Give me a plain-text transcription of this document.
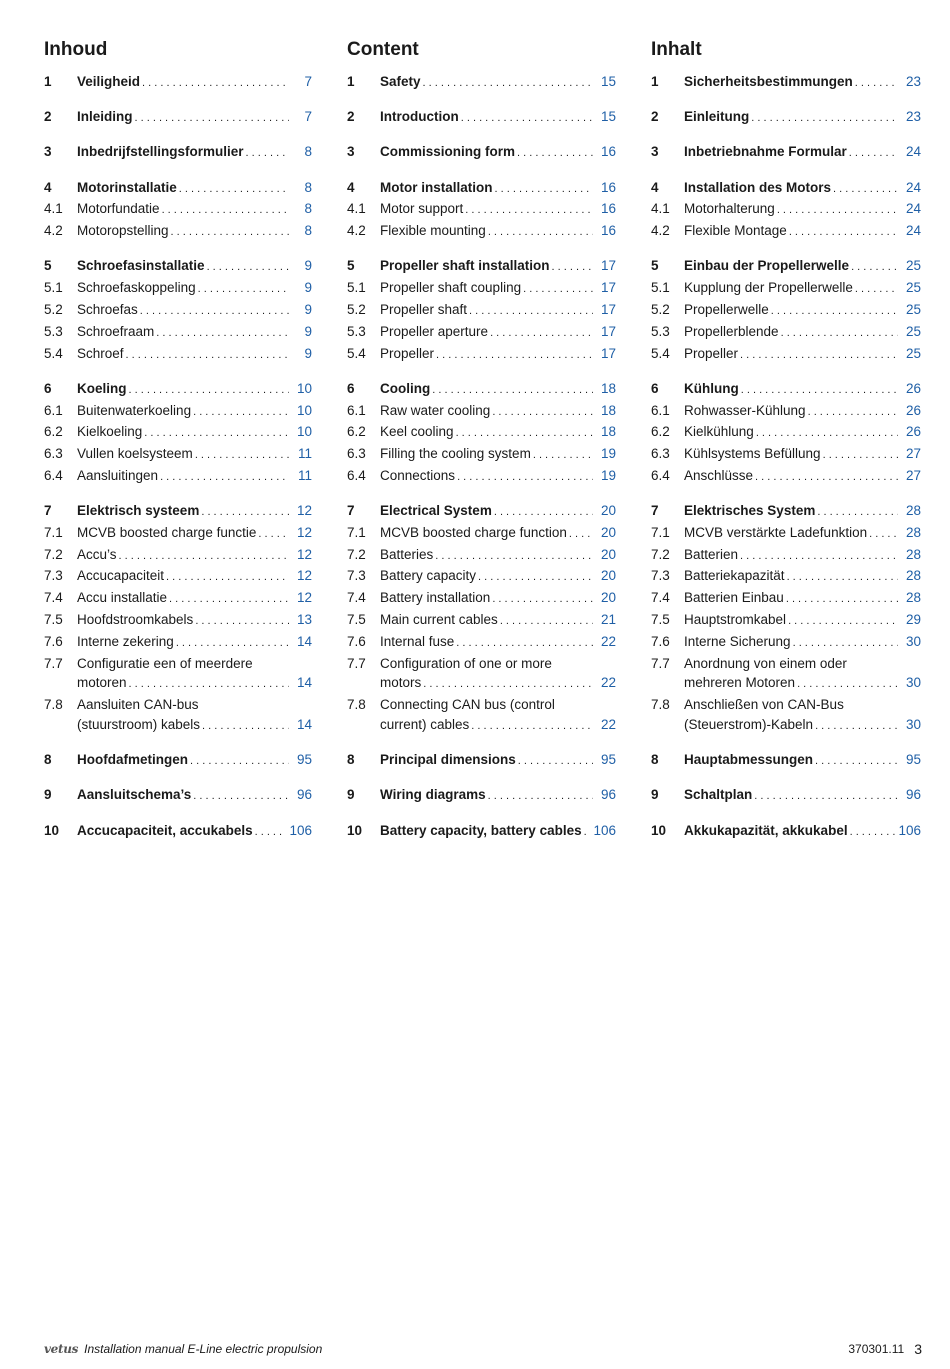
Inhoud
1	Veiligheid . . .	7
2	Inleiding . . .	7
3	Inbedrijfstellingsformulier . . .	8
4	Motorinstallatie . . .	8
4.1	Motorfundatie . . .	8
4.2	Motoropstelling . . .	8
5	Schroefasinstallatie . . .	9
5.1	Schroefaskoppeling . . .	9
5.2	Schroefas . . .	9
5.3	Schroefraam . . .	9
5.4	Schroef . . .	9
6	Koeling . . .	10
6.1	Buitenwaterkoeling . . .	10
6.2	Kielkoeling . . .	10
6.3	Vullen koelsysteem . . .	11
6.4	Aansluitingen . . .	11
7	Elektrisch systeem . . .	12
7.1	MCVB boosted charge functie . . .	12
7.2	Accu’s . . .	12
7.3	Accucapaciteit . . .	12
7.4	Accu installatie . . .	12
7.5	Hoofdstroomkabels . . .	13
7.6	Interne zekering . . .	14
7.7	Configuratie een of meerdere
motoren . . .	14
7.8	Aansluiten CAN-bus
(stuurstroom) kabels . . .	14
8	Hoofdafmetingen . . .	95
9	Aansluitschema’s . . .	96
10	Accucapaciteit, accukabels . . .	106
Content
1	Safety . . .	15
2	Introduction . . .	15
3	Commissioning form . . .	16
4	Motor installation . . .	16
4.1	Motor support . . .	16
4.2	Flexible mounting . . .	16
5	Propeller shaft installation . . .	17
5.1	Propeller shaft coupling . . .	17
5.2	Propeller shaft . . .	17
5.3	Propeller aperture . . .	17
5.4	Propeller . . .	17
6	Cooling . . .	18
6.1	Raw water cooling . . .	18
6.2	Keel cooling . . .	18
6.3	Filling the cooling system . . .	19
6.4	Connections . . .	19
7	Electrical System . . .	20
7.1	MCVB boosted charge function . . .	20
7.2	Batteries . . .	20
7.3	Battery capacity . . .	20
7.4	Battery installation . . .	20
7.5	Main current cables . . .	21
7.6	Internal fuse . . .	22
7.7	Configuration of one or more
motors . . .	22
7.8	Connecting CAN bus (control
current) cables . . .	22
8	Principal dimensions . . .	95
9	Wiring diagrams . . .	96
10	Battery capacity, battery cables . . . 106
Inhalt
1	Sicherheitsbestimmungen . . .	23
2	Einleitung . . .	23
3	Inbetriebnahme Formular . . .	24
4	Installation des Motors . . .	24
4.1	Motorhalterung . . .	24
4.2	Flexible Montage . . .	24
5	Einbau der Propellerwelle . . .	25
5.1	Kupplung der Propellerwelle . . .	25
5.2	Propellerwelle . . .	25
5.3	Propellerblende . . .	25
5.4	Propeller . . .	25
6	Kühlung . . .	26
6.1	Rohwasser-Kühlung . . .	26
6.2	Kielkühlung . . .	26
6.3	Kühlsystems Befüllung . . .	27
6.4	Anschlüsse . . .	27
7	Elektrisches System . . .	28
7.1	MCVB verstärkte Ladefunktion . . .	28
7.2	Batterien . . .	28
7.3	Batteriekapazität . . .	28
7.4	Batterien Einbau . . .	28
7.5	Hauptstromkabel . . .	29
7.6	Interne Sicherung . . .	30
7.7	Anordnung von einem oder
mehreren Motoren . . .	30
7.8	Anschließen von CAN-Bus
(Steuerstrom)-Kabeln . . .	30
8	Hauptabmessungen . . .	95
9	Schaltplan . . .	96
10	Akkukapazität, akkukabel . . .	106
vetus Installation manual E-Line electric propulsion	370301.11 3
